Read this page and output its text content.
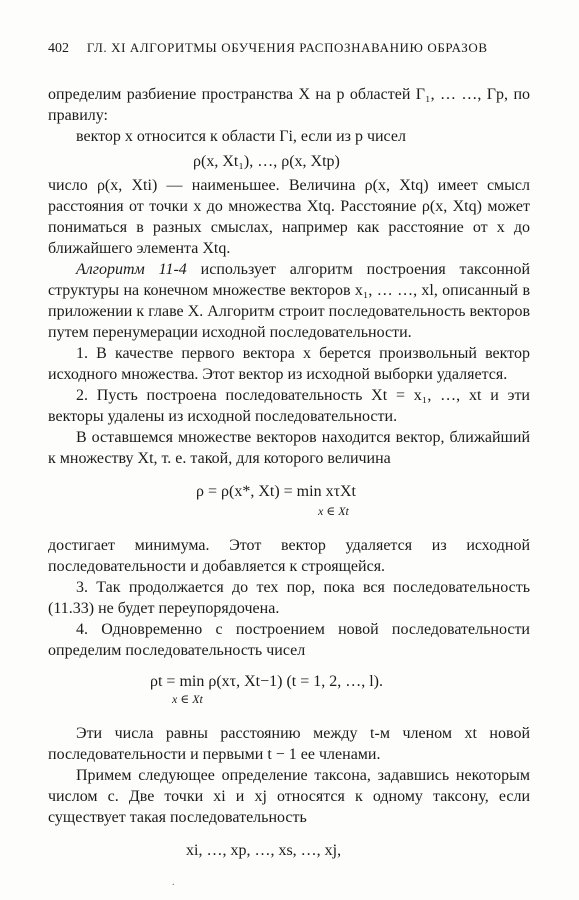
402 ГЛ. XI АЛГОРИТМЫ ОБУЧЕНИЯ РАСПОЗНАВАНИЮ ОБРАЗОВ

определим разбиение пространства X на p областей Γ₁, … …, Γp, по правилу:

вектор x относится к области Γi, если из p чисел

ρ(x, Xt₁), …, ρ(x, Xtp)

число ρ(x, Xti) — наименьшее. Величина ρ(x, Xtq) имеет смысл расстояния от точки x до множества Xtq. Расстояние ρ(x, Xtq) может пониматься в разных смыслах, например как расстояние от x до ближайшего элемента Xtq.

Алгоритм 11-4 использует алгоритм построения таксонной структуры на конечном множестве векторов x₁, … …, xl, описанный в приложении к главе X. Алгоритм строит последовательность векторов путем перенумерации исходной последовательности.

1. В качестве первого вектора x берется произвольный вектор исходного множества. Этот вектор из исходной выборки удаляется.

2. Пусть построена последовательность Xt = x₁, …, xt и эти векторы удалены из исходной последовательности.

В оставшемся множестве векторов находится вектор, ближайший к множеству Xt, т. е. такой, для которого величина

ρ = ρ(x*, Xt) = min xτXt
x ∈ Xt

достигает минимума. Этот вектор удаляется из исходной последовательности и добавляется к строящейся.

3. Так продолжается до тех пор, пока вся последовательность (11.33) не будет переупорядочена.

4. Одновременно с построением новой последовательности определим последовательность чисел

ρt = min ρ(xτ, Xt−1) (t = 1, 2, …, l).
x ∈ Xt

Эти числа равны расстоянию между t-м членом xt новой последовательности и первыми t − 1 ее членами.

Примем следующее определение таксона, задавшись некоторым числом c. Две точки xi и xj относятся к одному таксону, если существует такая последовательность

xi, …, xp, …, xs, …, xj,

.
